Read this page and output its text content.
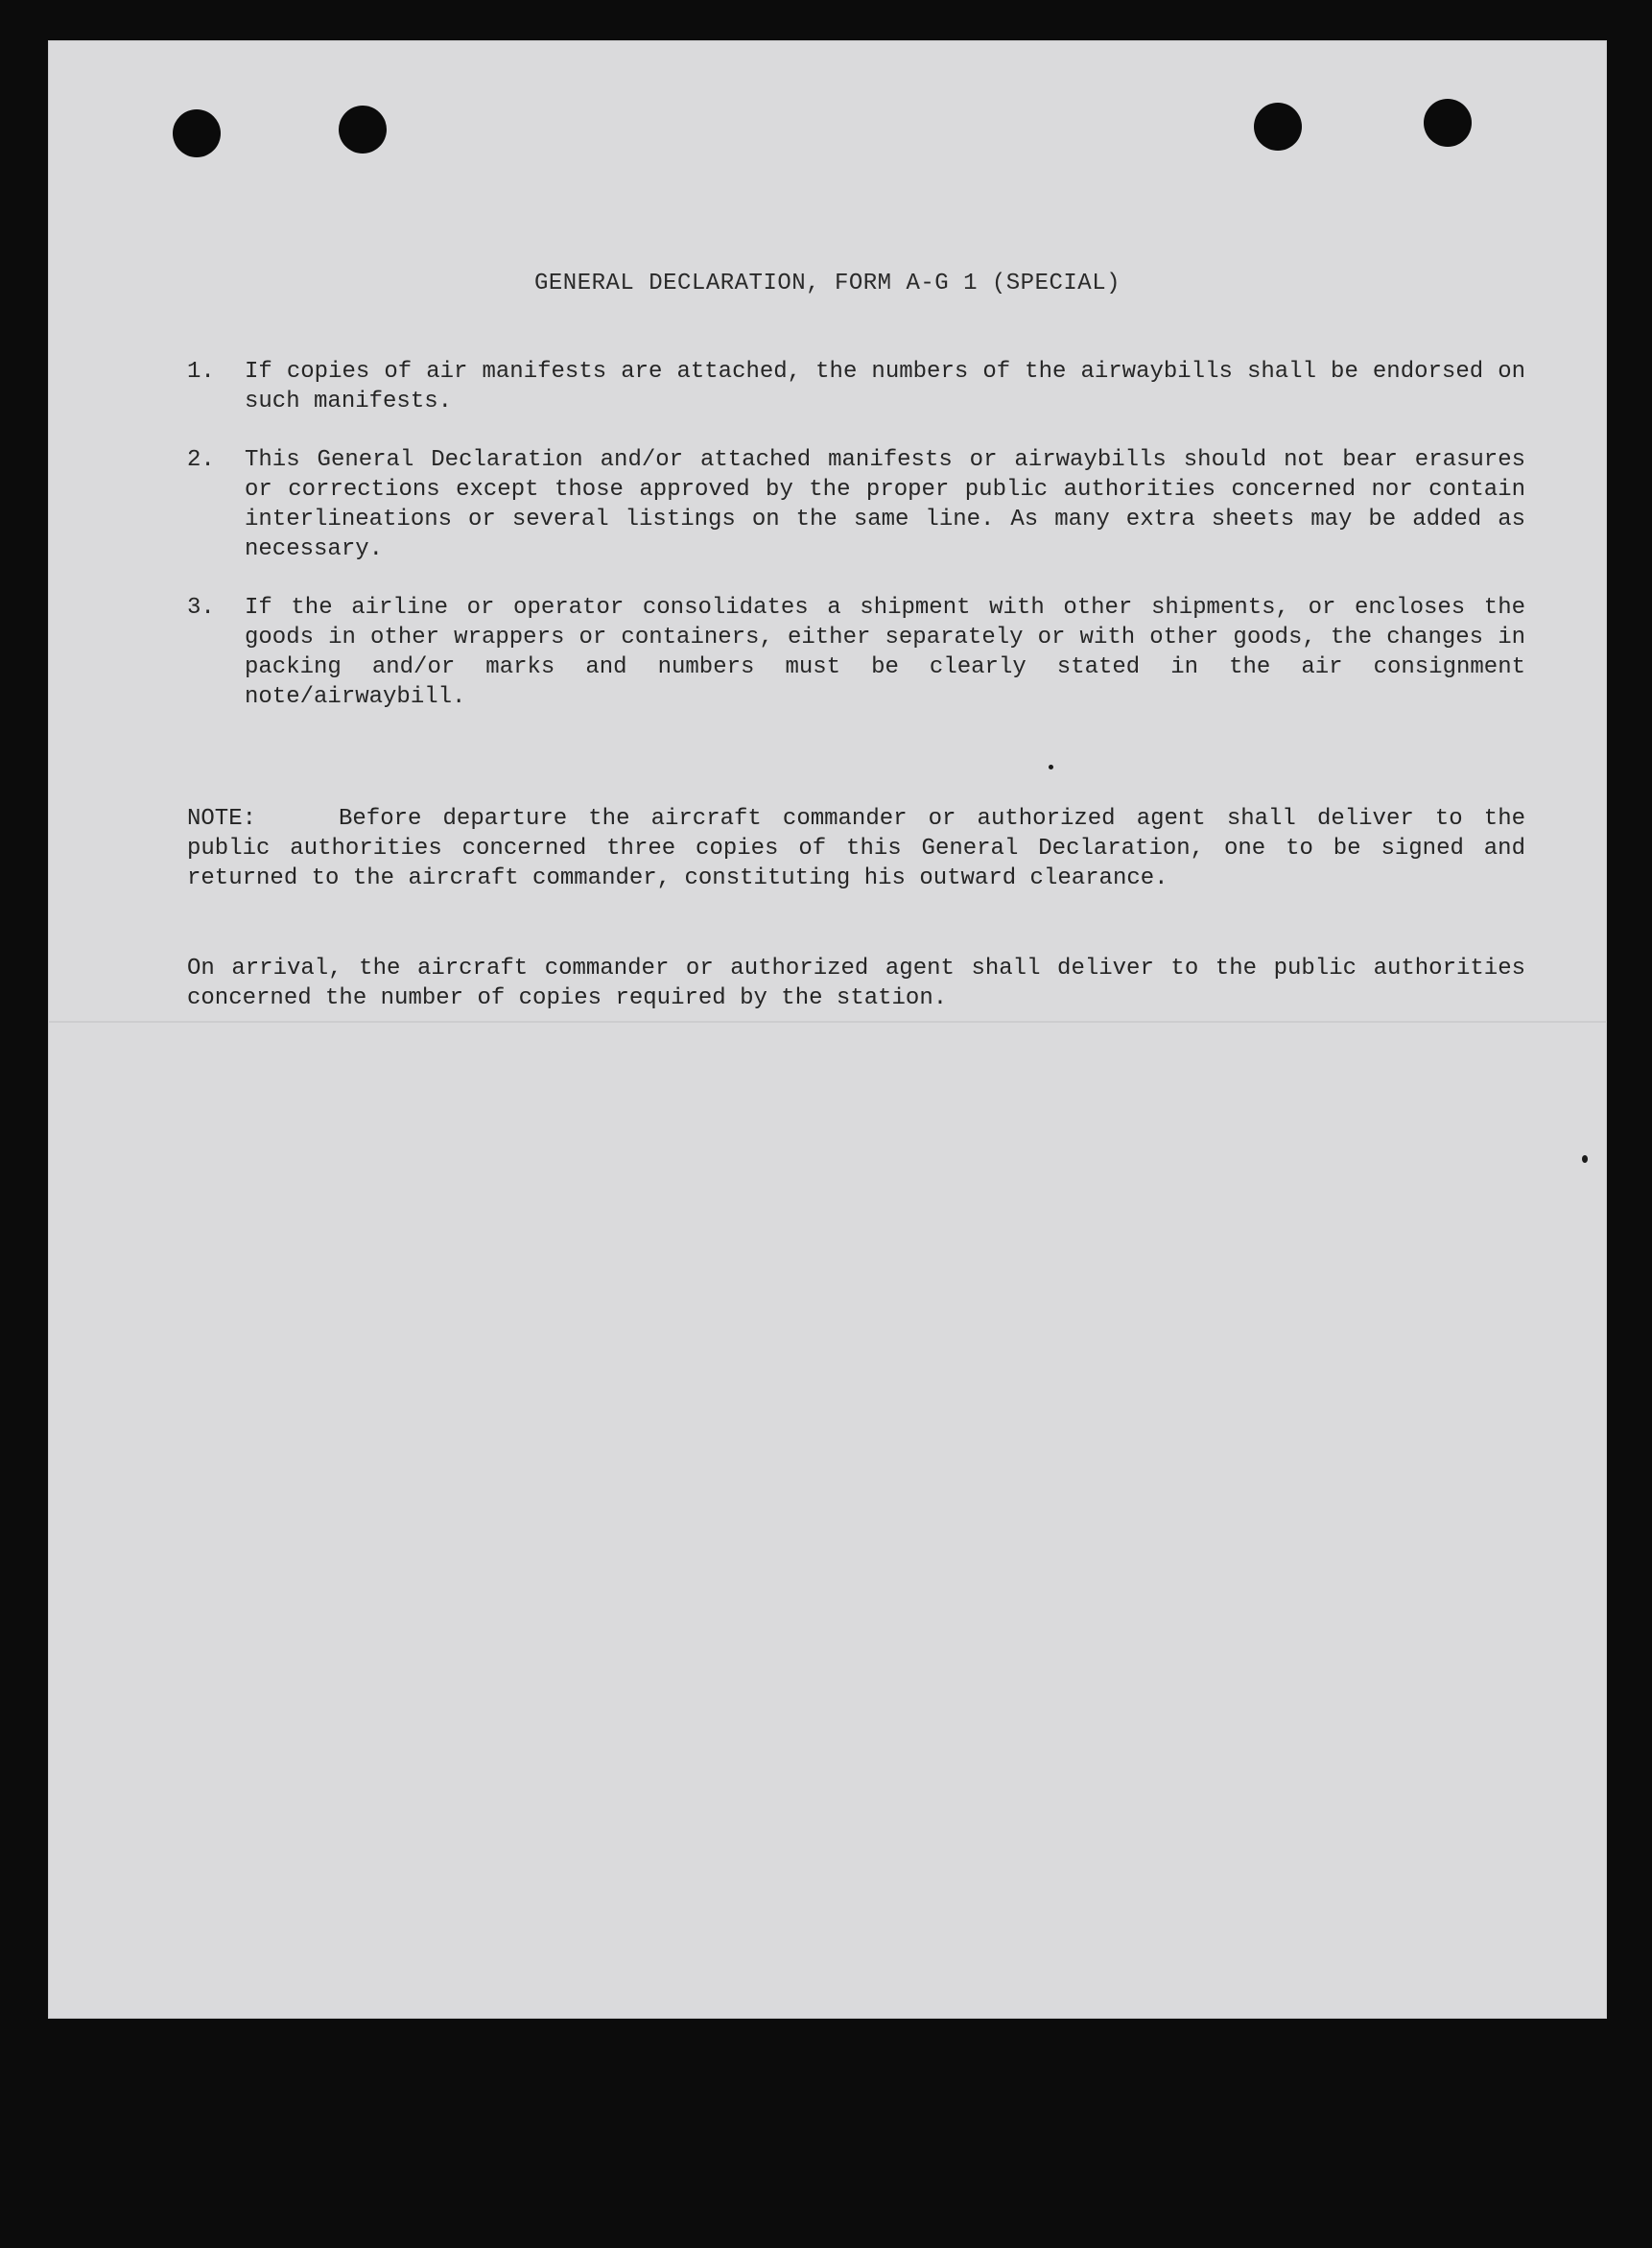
GENERAL DECLARATION, FORM A-G 1 (SPECIAL)
1. If copies of air manifests are attached, the numbers of the airwaybills shall be endorsed on such manifests.
2. This General Declaration and/or attached manifests or airwaybills should not bear erasures or corrections except those approved by the proper public authorities concerned nor contain interlineations or several listings on the same line. As many extra sheets may be added as necessary.
3. If the airline or operator consolidates a shipment with other shipments, or encloses the goods in other wrappers or containers, either separately or with other goods, the changes in packing and/or marks and numbers must be clearly stated in the air consignment note/airwaybill.

NOTE:	Before departure the aircraft commander or authorized agent shall deliver to the public authorities concerned three copies of this General Declaration, one to be signed and returned to the aircraft commander, constituting his outward clearance.

On arrival, the aircraft commander or authorized agent shall deliver to the public authorities concerned the number of copies required by the station.
